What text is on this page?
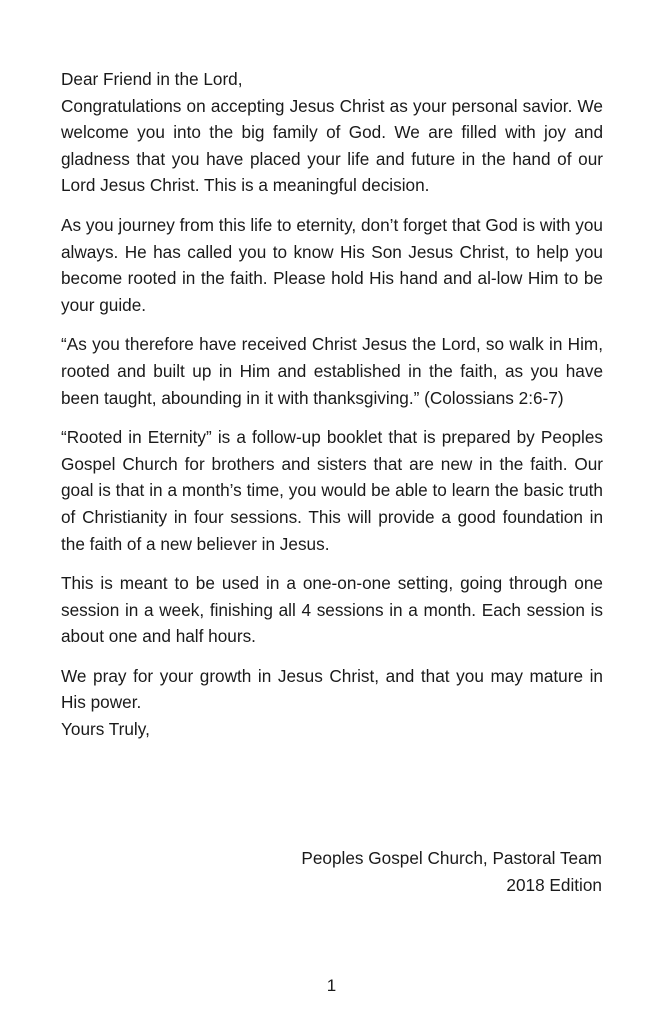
Dear Friend in the Lord,

Congratulations on accepting Jesus Christ as your personal savior. We welcome you into the big family of God. We are filled with joy and gladness that you have placed your life and future in the hand of our Lord Jesus Christ. This is a meaningful decision.

As you journey from this life to eternity, don’t forget that God is with you always. He has called you to know His Son Jesus Christ, to help you become rooted in the faith. Please hold His hand and al-low Him to be your guide.

“As you therefore have received Christ Jesus the Lord, so walk in Him, rooted and built up in Him and established in the faith, as you have been taught, abounding in it with thanksgiving.” (Colossians 2:6-7)

“Rooted in Eternity” is a follow-up booklet that is prepared by Peoples Gospel Church for brothers and sisters that are new in the faith. Our goal is that in a month’s time, you would be able to learn the basic truth of Christianity in four sessions. This will provide a good foundation in the faith of a new believer in Jesus.

This is meant to be used in a one-on-one setting, going through one session in a week, finishing all 4 sessions in a month. Each session is about one and half hours.

We pray for your growth in Jesus Christ, and that you may mature in His power.

Yours Truly,

Peoples Gospel Church, Pastoral Team
2018 Edition
1
